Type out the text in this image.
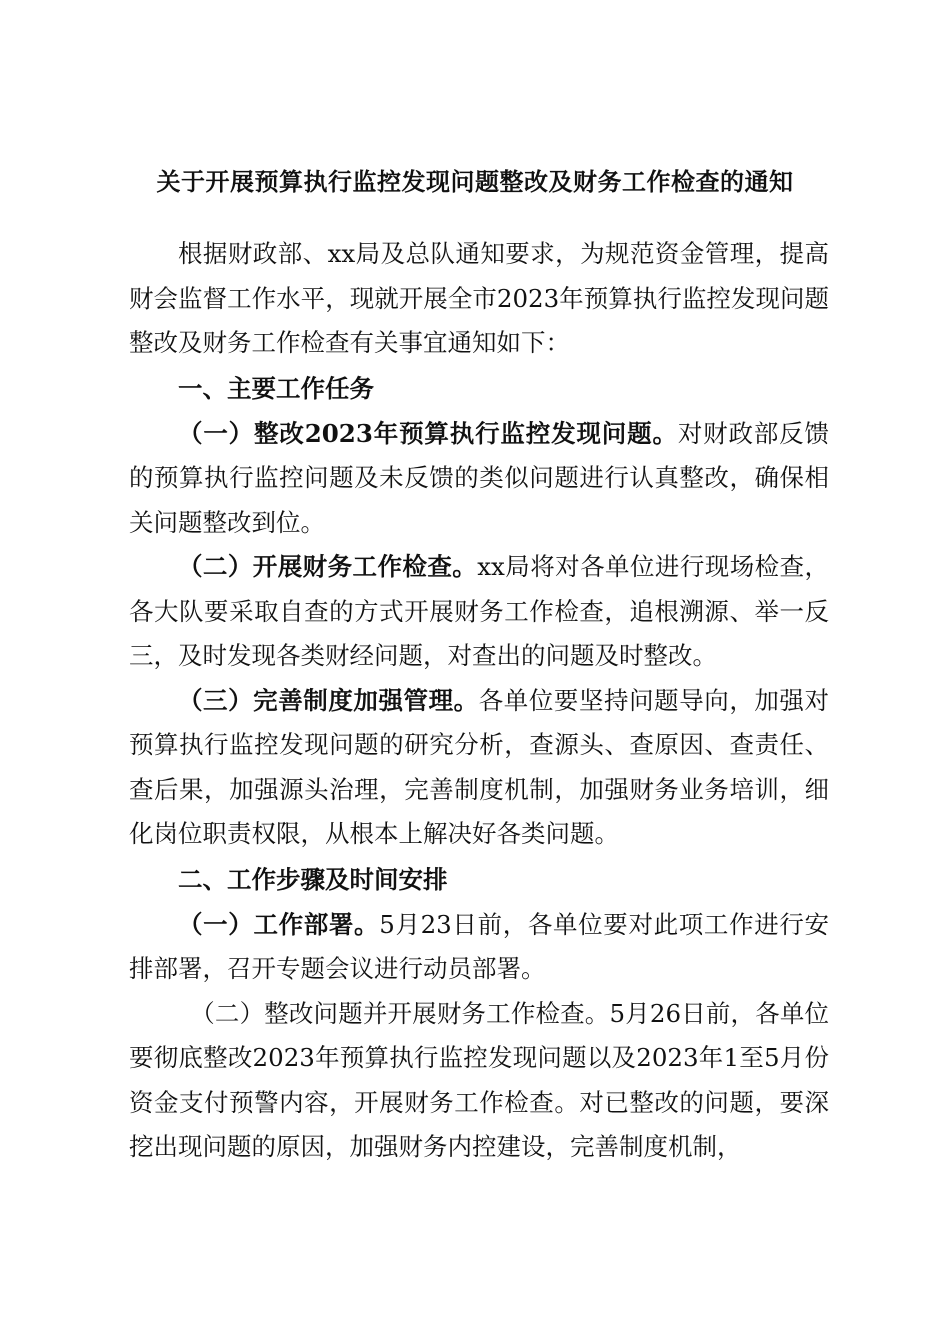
关于开展预算执行监控发现问题整改及财务工作检查的通知

根据财政部、xx局及总队通知要求，为规范资金管理，提高财会监督工作水平，现就开展全市2023年预算执行监控发现问题整改及财务工作检查有关事宜通知如下：

一、主要工作任务

（一）整改2023年预算执行监控发现问题。对财政部反馈的预算执行监控问题及未反馈的类似问题进行认真整改，确保相关问题整改到位。

（二）开展财务工作检查。xx局将对各单位进行现场检查，各大队要采取自查的方式开展财务工作检查，追根溯源、举一反三，及时发现各类财经问题，对查出的问题及时整改。

（三）完善制度加强管理。各单位要坚持问题导向，加强对预算执行监控发现问题的研究分析，查源头、查原因、查责任、查后果，加强源头治理，完善制度机制，加强财务业务培训，细化岗位职责权限，从根本上解决好各类问题。

二、工作步骤及时间安排

（一）工作部署。5月23日前，各单位要对此项工作进行安排部署，召开专题会议进行动员部署。

（二）整改问题并开展财务工作检查。5月26日前，各单位要彻底整改2023年预算执行监控发现问题以及2023年1至5月份资金支付预警内容，开展财务工作检查。对已整改的问题，要深挖出现问题的原因，加强财务内控建设，完善制度机制，
